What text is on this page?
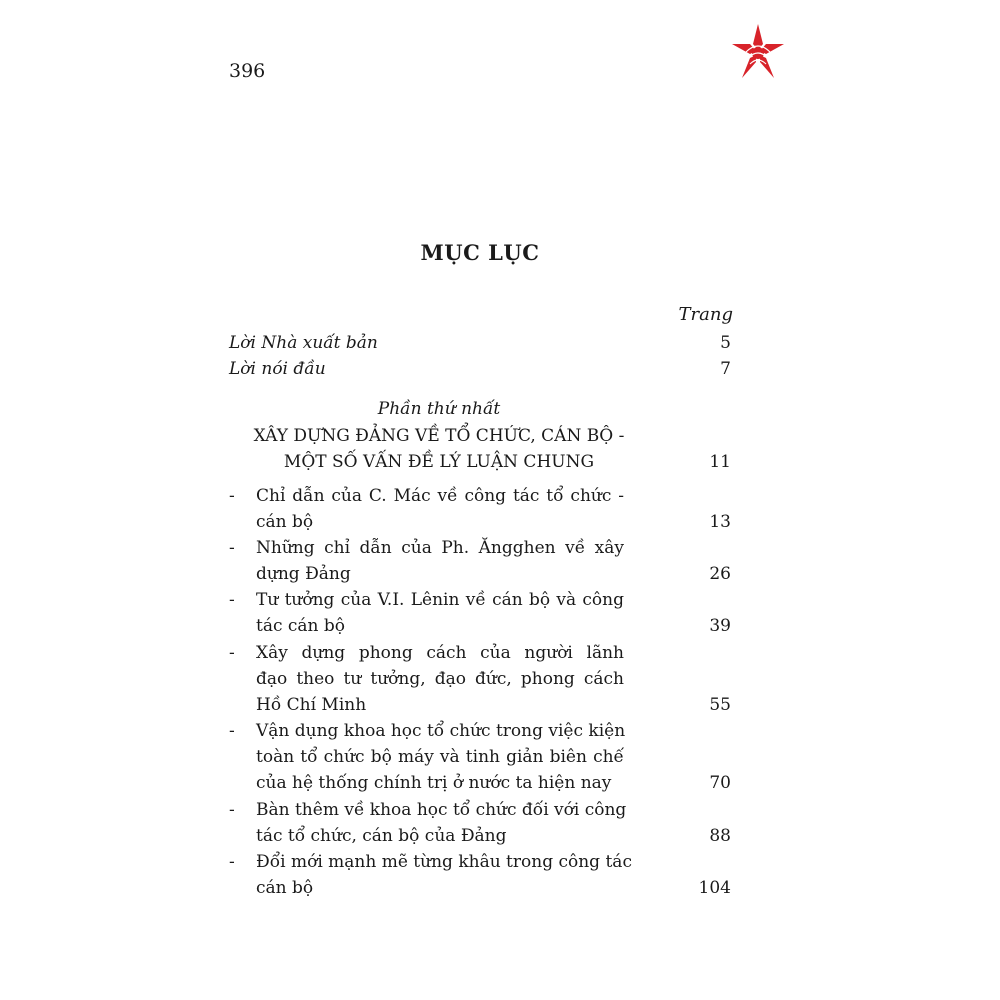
396
MỤC LỤC
Trang
Lời Nhà xuất bản	5
Lời nói đầu	7
Phần thứ nhất
XÂY DỰNG ĐẢNG VỀ TỔ CHỨC, CÁN BỘ -
MỘT SỐ VẤN ĐỀ LÝ LUẬN CHUNG	11
- Chỉ dẫn của C. Mác về công tác tổ chức -
cán bộ	13
- Những chỉ dẫn của Ph. Ăngghen về xây
dựng Đảng	26
- Tư tưởng của V.I. Lênin về cán bộ và công
tác cán bộ	39
- Xây dựng phong cách của người lãnh
đạo theo tư tưởng, đạo đức, phong cách
Hồ Chí Minh	55
- Vận dụng khoa học tổ chức trong việc kiện
toàn tổ chức bộ máy và tinh giản biên chế
của hệ thống chính trị ở nước ta hiện nay	70
- Bàn thêm về khoa học tổ chức đối với công
tác tổ chức, cán bộ của Đảng	88
- Đổi mới mạnh mẽ từng khâu trong công tác
cán bộ	104
